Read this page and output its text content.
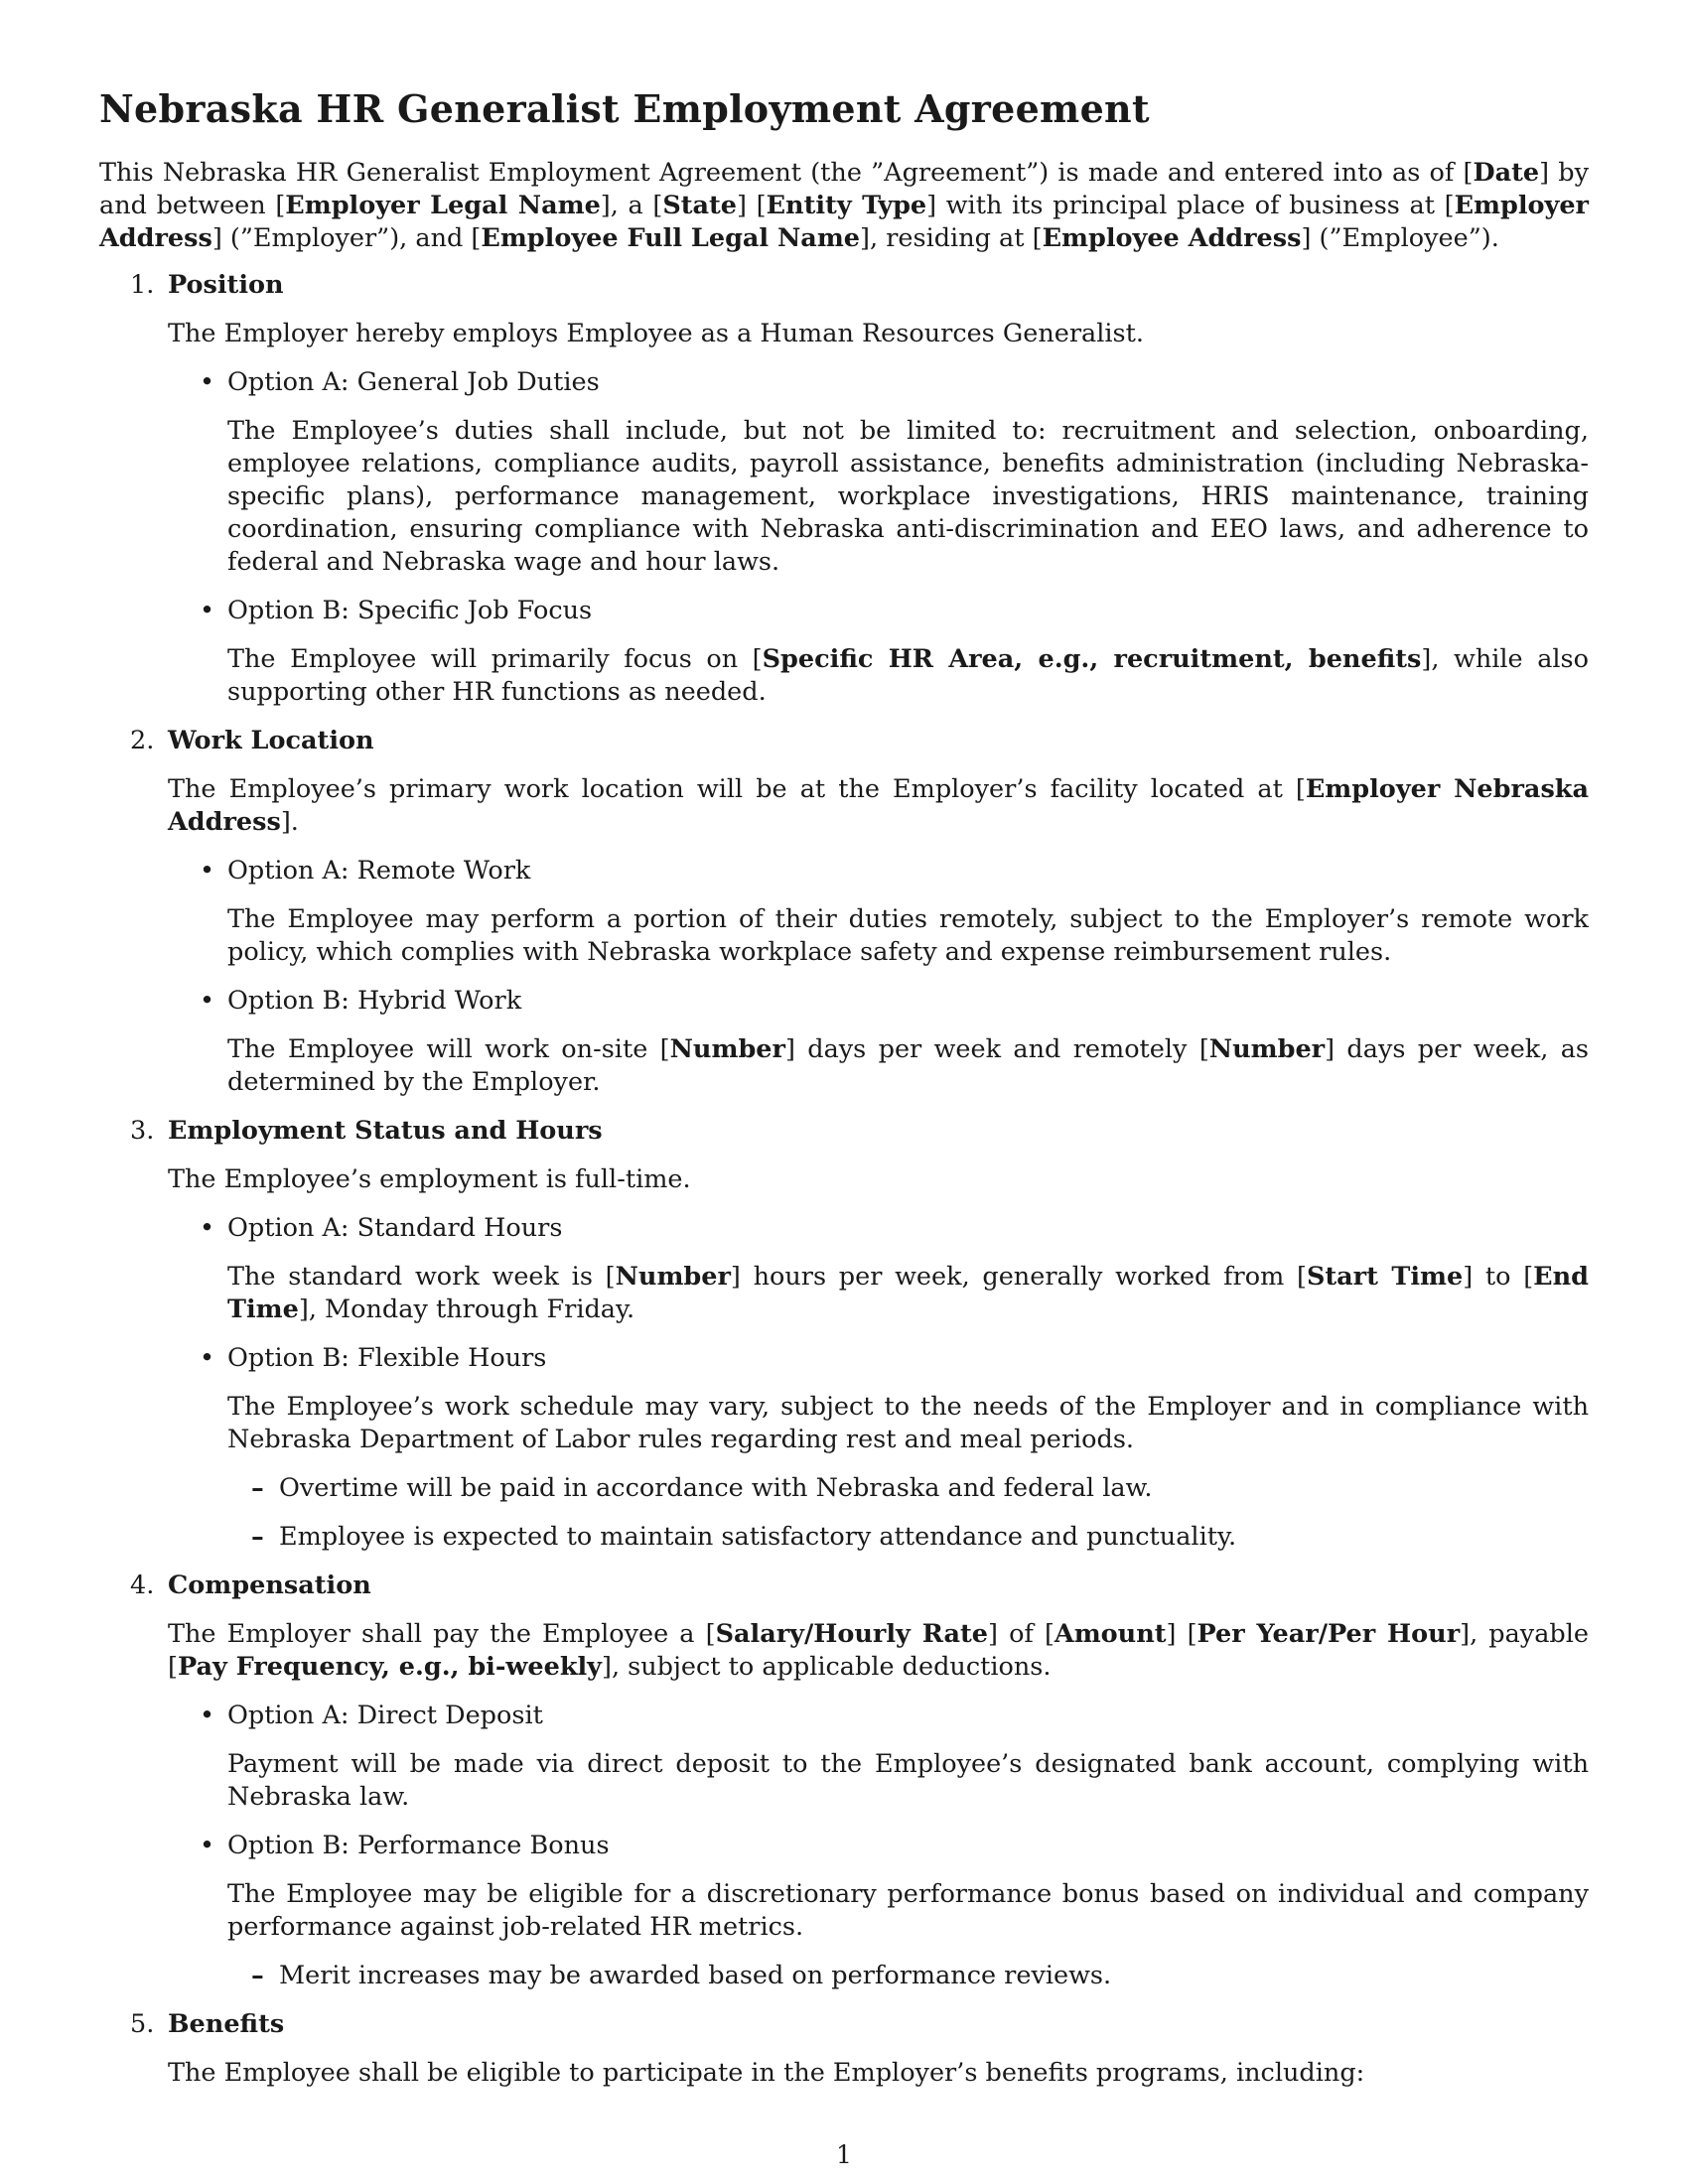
Nebraska HR Generalist Employment Agreement

This Nebraska HR Generalist Employment Agreement (the ”Agreement”) is made and entered into as of [Date] by and between [Employer Legal Name], a [State] [Entity Type] with its principal place of business at [Employer Address] (”Employer”), and [Employee Full Legal Name], residing at [Employee Address] (”Employee”).

1. Position

The Employer hereby employs Employee as a Human Resources Generalist.

• Option A: General Job Duties

The Employee’s duties shall include, but not be limited to: recruitment and selection, onboarding, employee relations, compliance audits, payroll assistance, benefits administration (including Nebraska-specific plans), performance management, workplace investigations, HRIS maintenance, training coordination, ensuring compliance with Nebraska anti-discrimination and EEO laws, and adherence to federal and Nebraska wage and hour laws.

• Option B: Specific Job Focus

The Employee will primarily focus on [Specific HR Area, e.g., recruitment, benefits], while also supporting other HR functions as needed.

2. Work Location

The Employee’s primary work location will be at the Employer’s facility located at [Employer Nebraska Address].

• Option A: Remote Work

The Employee may perform a portion of their duties remotely, subject to the Employer’s remote work policy, which complies with Nebraska workplace safety and expense reimbursement rules.

• Option B: Hybrid Work

The Employee will work on-site [Number] days per week and remotely [Number] days per week, as determined by the Employer.

3. Employment Status and Hours

The Employee’s employment is full-time.

• Option A: Standard Hours

The standard work week is [Number] hours per week, generally worked from [Start Time] to [End Time], Monday through Friday.

• Option B: Flexible Hours

The Employee’s work schedule may vary, subject to the needs of the Employer and in compliance with Nebraska Department of Labor rules regarding rest and meal periods.

– Overtime will be paid in accordance with Nebraska and federal law.
– Employee is expected to maintain satisfactory attendance and punctuality.
4. Compensation

The Employer shall pay the Employee a [Salary/Hourly Rate] of [Amount] [Per Year/Per Hour], payable [Pay Frequency, e.g., bi-weekly], subject to applicable deductions.

• Option A: Direct Deposit

Payment will be made via direct deposit to the Employee’s designated bank account, complying with Nebraska law.

• Option B: Performance Bonus

The Employee may be eligible for a discretionary performance bonus based on individual and company performance against job-related HR metrics.

– Merit increases may be awarded based on performance reviews.
5. Benefits

The Employee shall be eligible to participate in the Employer’s benefits programs, including:

1
